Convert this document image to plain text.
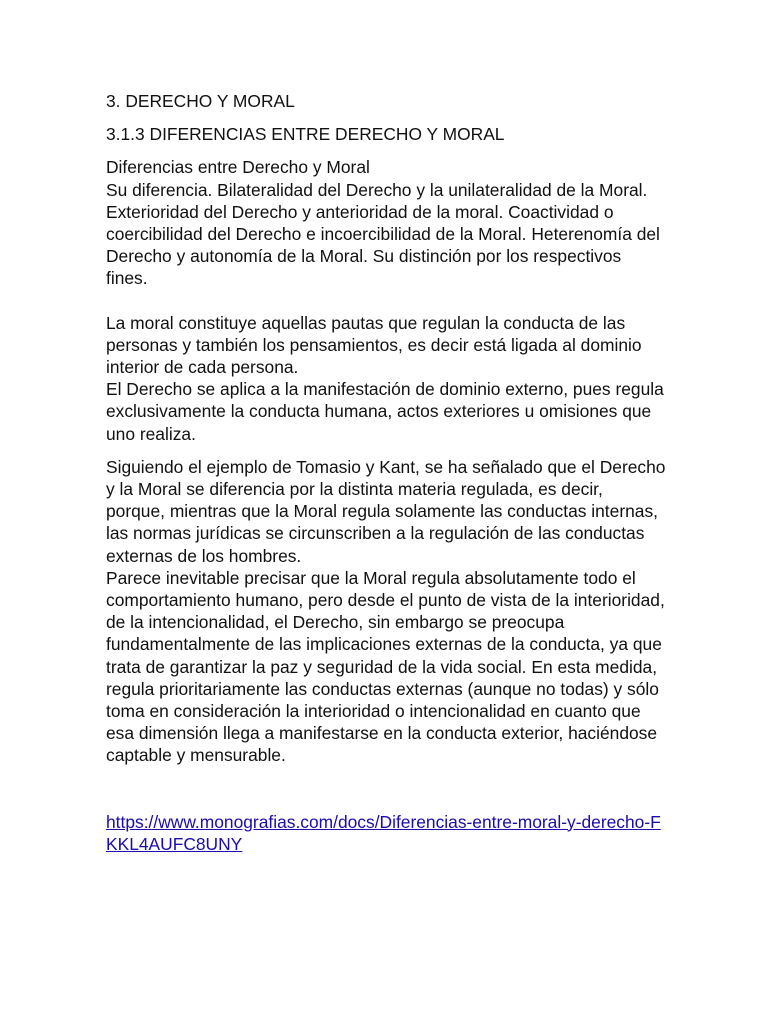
3. DERECHO Y MORAL

3.1.3 DIFERENCIAS ENTRE DERECHO Y MORAL

Diferencias entre Derecho y Moral

Su diferencia. Bilateralidad del Derecho y la unilateralidad de la Moral. Exterioridad del Derecho y anterioridad de la moral. Coactividad o coercibilidad del Derecho e incoercibilidad de la Moral. Heterenomía del Derecho y autonomía de la Moral. Su distinción por los respectivos fines.

La moral constituye aquellas pautas que regulan la conducta de las personas y también los pensamientos, es decir está ligada al dominio interior de cada persona.

El Derecho se aplica a la manifestación de dominio externo, pues regula exclusivamente la conducta humana, actos exteriores u omisiones que uno realiza.

Siguiendo el ejemplo de Tomasio y Kant, se ha señalado que el Derecho y la Moral se diferencia por la distinta materia regulada, es decir, porque, mientras que la Moral regula solamente las conductas internas, las normas jurídicas se circunscriben a la regulación de las conductas externas de los hombres.

Parece inevitable precisar que la Moral regula absolutamente todo el comportamiento humano, pero desde el punto de vista de la interioridad, de la intencionalidad, el Derecho, sin embargo se preocupa fundamentalmente de las implicaciones externas de la conducta, ya que trata de garantizar la paz y seguridad de la vida social. En esta medida, regula prioritariamente las conductas externas (aunque no todas) y sólo toma en consideración la interioridad o intencionalidad en cuanto que esa dimensión llega a manifestarse en la conducta exterior, haciéndose captable y mensurable.

https://www.monografias.com/docs/Diferencias-entre-moral-y-derecho-FKKL4AUFC8UNY
